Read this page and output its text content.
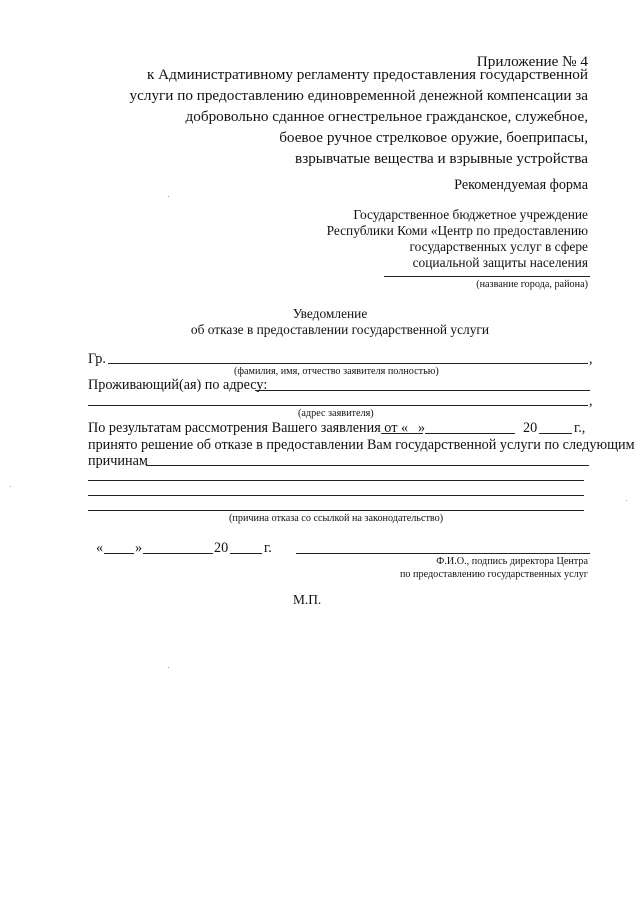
Приложение № 4
к Административному регламенту предоставления государственной
услуги по предоставлению единовременной денежной компенсации за
добровольно сданное огнестрельное гражданское, служебное,
боевое ручное стрелковое оружие, боеприпасы,
взрывчатые вещества и взрывные устройства
Рекомендуемая форма
Государственное бюджетное учреждение
Республики Коми «Центр по предоставлению
государственных услуг в сфере
социальной защиты населения
(название города, района)
Уведомление
об отказе в предоставлении государственной услуги
Гр.	,
(фамилия, имя, отчество заявителя полностью)
Проживающий(ая) по адресу:
,
(адрес заявителя)
По результатам рассмотрения Вашего заявления от « »	20	г.,
принято решение об отказе в предоставлении Вам государственной услуги по следующим
причинам
(причина отказа со ссылкой на законодательство)
« »	20	г.
Ф.И.О., подпись директора Центра
по предоставлению государственных услуг
М.П.
